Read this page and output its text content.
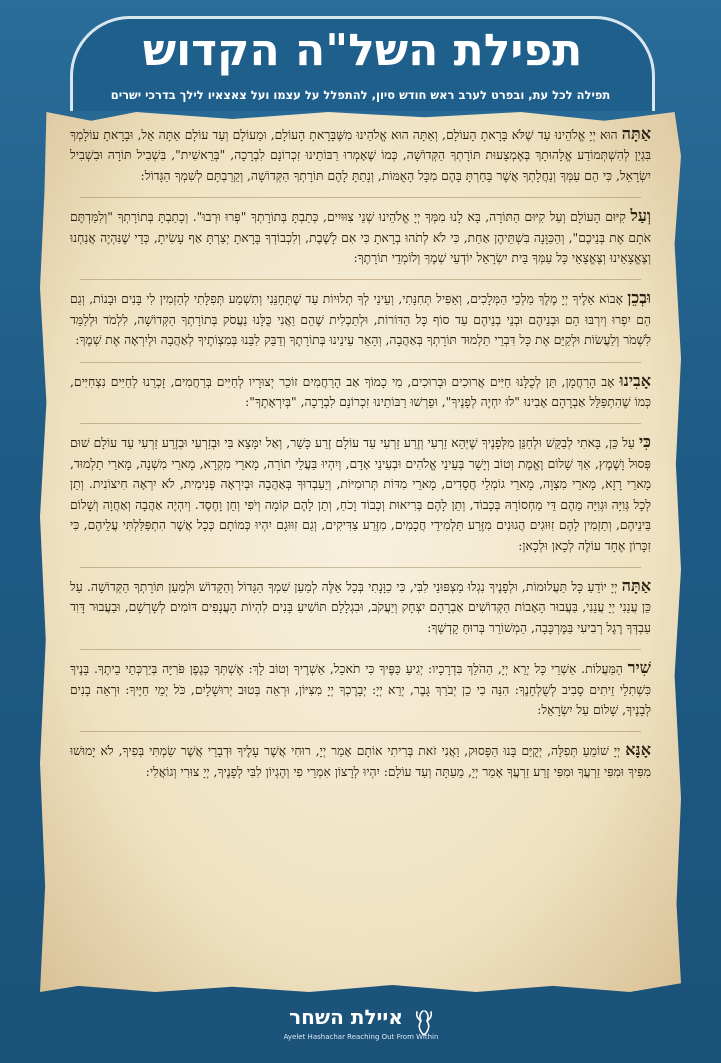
תפילת השל"ה הקדוש
תפילה לכל עת, ובפרט לערב ראש חודש סיון, להתפלל על עצמו ועל צאצאיו לילך בדרכי ישרים

אַתָּה הוּא יְיָ אֱלֹהֵינוּ עַד שֶׁלֹּא בָּרָאתָ הָעוֹלָם, וְאַתָּה הוּא אֱלֹהֵינוּ מִשֶּׁבָּרָאתָ הָעוֹלָם, וּמֵעוֹלָם וְעַד עוֹלָם אַתָּה אֵל, וּבָרָאתָ עוֹלָמְךָ בִּגְיַן לְהִשְׁתְּמוֹדַע אֱלָהוּתָךְ בְּאֶמְצָעוּת תּוֹרָתְךָ הַקְּדוֹשָׁה, כְּמוֹ שֶׁאָמְרוּ רַבּוֹתֵינוּ זִכְרוֹנָם לִבְרָכָה, "בְּרֵאשִׁית", בִּשְׁבִיל תּוֹרָה וּבִשְׁבִיל יִשְׂרָאֵל, כִּי הֵם עַמְּךָ וְנַחֲלָתְךָ אֲשֶׁר בָּחַרְתָּ בָּהֶם מִכָּל הָאֻמּוֹת, וְנָתַתָּ לָהֶם תּוֹרָתְךָ הַקְּדוֹשָׁה, וְקֵרַבְתָּם לְשִׁמְךָ הַגָּדוֹל:

וְעַל קִיּוּם הָעוֹלָם וְעַל קִיּוּם הַתּוֹרָה, בָּא לָנוּ מִמְּךָ יְיָ אֱלֹהֵינוּ שְׁנֵי צִוּוּיִים, כְּתַבְתָּ בְּתוֹרָתְךָ "פְּרוּ וּרְבוּ". וְכָתַבְתָּ בְּתוֹרָתְךָ "וְלִמַּדְתֶּם אֹתָם אֶת בְּנֵיכֶם", וְהַכַּוָּנָה בִּשְׁתֵּיהֶן אַחַת, כִּי לֹא לְתֹהוּ בְרָאתָ כִּי אִם לָשֶׁבֶת, וְלִכְבוֹדְךָ בָּרָאתָ יְצַרְתָּ אַף עָשִׂיתָ, כְּדֵי שֶׁנִּהְיֶה אֲנַחְנוּ וְצֶאֱצָאֵינוּ וְצֶאֱצָאֵי כָּל עַמְּךָ בֵּית יִשְׂרָאֵל יוֹדְעֵי שְׁמֶךָ וְלוֹמְדֵי תוֹרָתֶךָ:

וּבְכֵן אָבוֹא אֵלֶיךָ יְיָ מֶלֶךְ מַלְכֵי הַמְּלָכִים, וְאַפִּיל תְּחִנָּתִי, וְעֵינַי לְךָ תְלוּיוֹת עַד שֶׁתְּחָנֵּנִי וְתִשְׁמַע תְּפִלָּתִי לְהַזְמִין לִי בָּנִים וּבָנוֹת, וְגַם הֵם יִפְרוּ וְיִרְבּוּ הֵם וּבְנֵיהֶם וּבְנֵי בְנֵיהֶם עַד סוֹף כָּל הַדּוֹרוֹת, וּלְתַכְלִית שֶׁהֵם וַאֲנִי כֻּלָּנוּ נַעֲסֹק בְּתוֹרָתְךָ הַקְּדוֹשָׁה, לִלְמֹד וּלְלַמֵּד לִשְׁמֹר וְלַעֲשׂוֹת וּלְקַיֵּם אֶת כָּל דִּבְרֵי תַלְמוּד תּוֹרָתְךָ בְּאַהֲבָה, וְהָאֵר עֵינֵינוּ בְּתוֹרָתֶךָ וְדַבֵּק לִבֵּנוּ בְּמִצְוֹתֶיךָ לְאַהֲבָה וּלְיִרְאָה אֶת שְׁמֶךָ:

אָבִינוּ אָב הָרַחֲמָן, תֵּן לְכֻלָּנוּ חַיִּים אֲרוּכִים וּבְרוּכִים, מִי כָמוֹךָ אַב הָרַחֲמִים זוֹכֵר יְצוּרָיו לְחַיִּים בְּרַחֲמִים, זָכְרֵנוּ לְחַיִּים נִצְחִיִּים, כְּמוֹ שֶׁהִתְפַּלֵּל אַבְרָהָם אָבִינוּ "לוּ יִחְיֶה לְפָנֶיךָ", וּפֵרְשׁוּ רַבּוֹתֵינוּ זִכְרוֹנָם לִבְרָכָה, "בְּיִרְאָתֶךָ":

כִּי עַל כֵּן, בָּאתִי לְבַקֵּשׁ וּלְחַנֵּן מִלְּפָנֶיךָ שֶׁיְּהֵא זַרְעִי וְזֶרַע זַרְעִי עַד עוֹלָם זֶרַע כָּשֵׁר, וְאַל יִמָּצֵא בִּי וּבְזַרְעִי וּבְזֶרַע זַרְעִי עַד עוֹלָם שׁוּם פְּסוּל וָשֶׁמֶץ, אַךְ שָׁלוֹם וֶאֱמֶת וְטוֹב וְיָשָׁר בְּעֵינֵי אֱלֹהִים וּבְעֵינֵי אָדָם, וְיִהְיוּ בַּעֲלֵי תוֹרָה, מָארֵי מִקְרָא, מָארֵי מִשְׁנָה, מָארֵי תַלְמוּד, מָארֵי רָזָא, מָארֵי מִצְוָה, מָארֵי גוֹמְלֵי חֲסָדִים, מָארֵי מִדּוֹת תְּרוּמִיּוֹת, וְיַעַבְדוּךָ בְּאַהֲבָה וּבְיִרְאָה פְּנִימִית, לֹא יִרְאָה חִיצוֹנִית. וְתֵן לְכָל גְּוִיָּה וּגְוִיָּה מֵהֶם דֵּי מַחְסוֹרָהּ בְּכָבוֹד, וְתֵן לָהֶם בְּרִיאוּת וְכָבוֹד וָכֹחַ, וְתֵן לָהֶם קוֹמָה וְיֹפִי וְחֵן וָחֶסֶד. וְיִהְיֶה אַהֲבָה וְאַחֲוָה וְשָׁלוֹם בֵּינֵיהֶם, וְתַזְמִין לָהֶם זִוּוּגִים הֲגוּנִים מִזֶּרַע תַּלְמִידֵי חֲכָמִים, מִזֶּרַע צַדִּיקִים, וְגַם זִוּוּגָם יִהְיוּ כְּמוֹתָם כְּכָל אֲשֶׁר הִתְפַּלַּלְתִּי עֲלֵיהֶם, כִּי זִכָּרוֹן אֶחָד עוֹלֶה לְכָאן וּלְכָאן:

אַתָּה יְיָ יוֹדֵעַ כָּל תַּעֲלוּמוֹת, וּלְפָנֶיךָ נִגְלוּ מַצְפּוּנֵי לִבִּי, כִּי כַוָּנָתִי בְּכָל אֵלֶּה לְמַעַן שִׁמְךָ הַגָּדוֹל וְהַקָּדוֹשׁ וּלְמַעַן תּוֹרָתְךָ הַקְּדוֹשָׁה. עַל כֵּן עֲנֵנִי יְיָ עֲנֵנִי, בַּעֲבוּר הָאָבוֹת הַקְּדוֹשִׁים אַבְרָהָם יִצְחָק וְיַעֲקֹב, וּבִגְלָלָם תּוֹשִׁיעַ בָּנִים לִהְיוֹת הָעֲנָפִים דּוֹמִים לְשָׁרְשָׁם, וּבַעֲבוּר דָּוִד עַבְדְּךָ רֶגֶל רְבִיעִי בַּמֶּרְכָּבָה, הַמְשׁוֹרֵר בְּרוּחַ קָדְשֶׁךָ:

שִׁיר הַמַּעֲלוֹת. אַשְׁרֵי כָּל יְרֵא יְיָ, הַהֹלֵךְ בִּדְרָכָיו: יְגִיעַ כַּפֶּיךָ כִּי תֹאכֵל, אַשְׁרֶיךָ וְטוֹב לָךְ: אֶשְׁתְּךָ כְּגֶפֶן פֹּרִיָּה בְּיַרְכְּתֵי בֵיתֶךָ. בָּנֶיךָ כִּשְׁתִלֵי זֵיתִים סָבִיב לְשֻׁלְחָנֶךָ: הִנֵּה כִי כֵן יְבֹרַךְ גָּבֶר, יְרֵא יְיָ: יְבָרֶכְךָ יְיָ מִצִּיּוֹן, וּרְאֵה בְּטוּב יְרוּשָׁלָיִם, כֹּל יְמֵי חַיֶּיךָ: וּרְאֵה בָנִים לְבָנֶיךָ, שָׁלוֹם עַל יִשְׂרָאֵל:

אָנָּא יְיָ שׁוֹמֵעַ תְּפִלָּה, יְקֻיַּם בָּנוּ הַפָּסוּק, וַאֲנִי זֹאת בְּרִיתִי אוֹתָם אָמַר יְיָ, רוּחִי אֲשֶׁר עָלֶיךָ וּדְבָרַי אֲשֶׁר שַׂמְתִּי בְּפִיךָ, לֹא יָמוּשׁוּ מִפִּיךָ וּמִפִּי זַרְעֲךָ וּמִפִּי זֶרַע זַרְעֲךָ אָמַר יְיָ, מֵעַתָּה וְעַד עוֹלָם: יִהְיוּ לְרָצוֹן אִמְרֵי פִי וְהֶגְיוֹן לִבִּי לְפָנֶיךָ, יְיָ צוּרִי וְגוֹאֲלִי:

איילת השחר
Ayelet Hashachar Reaching Out From Within
